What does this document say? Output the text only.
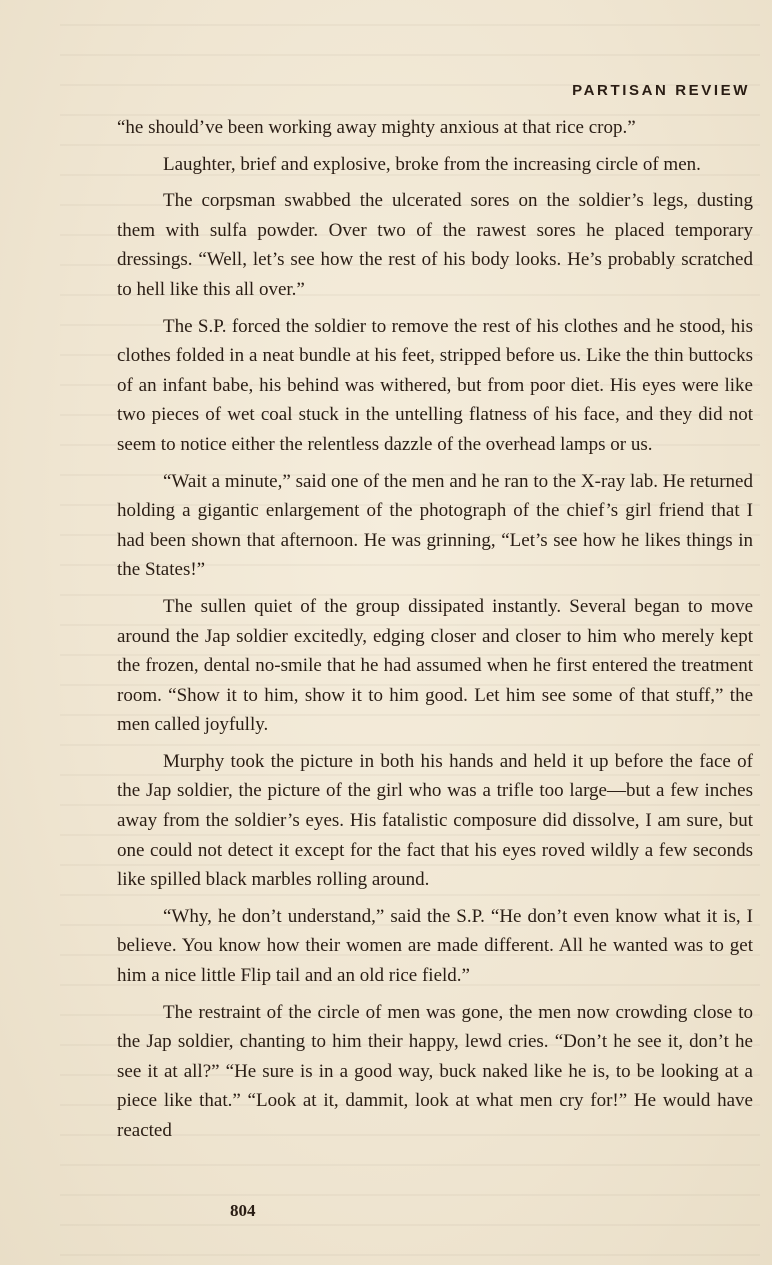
PARTISAN REVIEW

“he should’ve been working away mighty anxious at that rice crop.”

Laughter, brief and explosive, broke from the increasing circle of men.

The corpsman swabbed the ulcerated sores on the soldier’s legs, dusting them with sulfa powder. Over two of the rawest sores he placed temporary dressings. “Well, let’s see how the rest of his body looks. He’s probably scratched to hell like this all over.”

The S.P. forced the soldier to remove the rest of his clothes and he stood, his clothes folded in a neat bundle at his feet, stripped before us. Like the thin buttocks of an infant babe, his behind was withered, but from poor diet. His eyes were like two pieces of wet coal stuck in the untelling flatness of his face, and they did not seem to notice either the relentless dazzle of the overhead lamps or us.

“Wait a minute,” said one of the men and he ran to the X-ray lab. He returned holding a gigantic enlargement of the photograph of the chief’s girl friend that I had been shown that afternoon. He was grinning, “Let’s see how he likes things in the States!”

The sullen quiet of the group dissipated instantly. Several began to move around the Jap soldier excitedly, edging closer and closer to him who merely kept the frozen, dental no-smile that he had assumed when he first entered the treatment room. “Show it to him, show it to him good. Let him see some of that stuff,” the men called joyfully.

Murphy took the picture in both his hands and held it up before the face of the Jap soldier, the picture of the girl who was a trifle too large—but a few inches away from the soldier’s eyes. His fatalistic composure did dissolve, I am sure, but one could not detect it except for the fact that his eyes roved wildly a few seconds like spilled black marbles rolling around.

“Why, he don’t understand,” said the S.P. “He don’t even know what it is, I believe. You know how their women are made different. All he wanted was to get him a nice little Flip tail and an old rice field.”

The restraint of the circle of men was gone, the men now crowding close to the Jap soldier, chanting to him their happy, lewd cries. “Don’t he see it, don’t he see it at all?” “He sure is in a good way, buck naked like he is, to be looking at a piece like that.” “Look at it, dammit, look at what men cry for!” He would have reacted

804
